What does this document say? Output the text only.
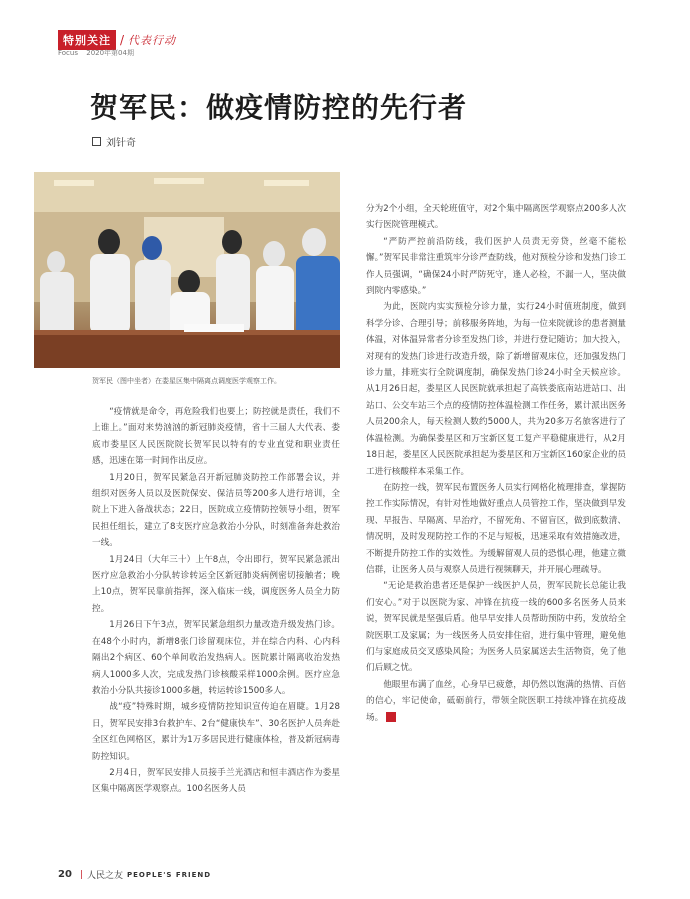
特别关注 / 代表行动
Focus 2020年第04期
贺军民：做疫情防控的先行者
刘针奇
贺军民（图中坐者）在娄星区集中隔离点调度医学观察工作。

“疫情就是命令，再危险我们也要上；防控就是责任，我们不上谁上。”面对来势汹汹的新冠肺炎疫情，省十三届人大代表、娄底市娄星区人民医院院长贺军民以特有的专业直觉和职业责任感，迅速在第一时间作出反应。

1月20日，贺军民紧急召开新冠肺炎防控工作部署会议，并组织对医务人员以及医院保安、保洁员等200多人进行培训，全院上下进入备战状态；22日，医院成立疫情防控领导小组，贺军民担任组长，建立了8支医疗应急救治小分队，时刻准备奔赴救治一线。

1月24日（大年三十）上午8点，令出即行，贺军民紧急派出医疗应急救治小分队转诊转运全区新冠肺炎病例密切接触者；晚上10点，贺军民靠前指挥，深入临床一线，调度医务人员全力防控。

1月26日下午3点，贺军民紧急组织力量改造升级发热门诊。在48个小时内，新增8张门诊留观床位，并在综合内科、心内科隔出2个病区、60个单间收治发热病人。医院累计隔离收治发热病人1000多人次，完成发热门诊核酸采样1000余例。医疗应急救治小分队共接诊1000多趟，转运转诊1500多人。

战“疫”特殊时期，城乡疫情防控知识宣传迫在眉睫。1月28日，贺军民安排3台救护车、2台“健康快车”、30名医护人员奔赴全区红色网格区，累计为1万多居民进行健康体检，普及新冠病毒防控知识。

2月4日，贺军民安排人员接手兰光酒店和恒丰酒店作为娄星区集中隔离医学观察点。100名医务人员

分为2个小组，全天轮班值守，对2个集中隔离医学观察点200多人次实行医院管理模式。

“严防严控前沿防线，我们医护人员责无旁贷，丝毫不能松懈。”贺军民非常注重筑牢分诊严查防线，他对预检分诊和发热门诊工作人员强调，“确保24小时严防死守，逢人必检，不漏一人，坚决做到院内零感染。”

为此，医院内实实预检分诊力量，实行24小时值班制度，做到科学分诊、合理引导；前移服务阵地，为每一位来院就诊的患者测量体温，对体温异常者分诊至发热门诊，并进行登记随访；加大投入，对现有的发热门诊进行改造升级，除了新增留观床位，还加强发热门诊力量，排班实行全院调度制，确保发热门诊24小时全天候应诊。从1月26日起，娄星区人民医院就承担起了高铁娄底南站进站口、出站口、公交车站三个点的疫情防控体温检测工作任务，累计派出医务人员200余人，每天检测人数约5000人，共为20多万名旅客进行了体温检测。为确保娄星区和万宝新区复工复产平稳健康进行，从2月18日起，娄星区人民医院承担起为娄星区和万宝新区160家企业的员工进行核酸样本采集工作。

在防控一线，贺军民布置医务人员实行网格化梳理排查，掌握防控工作实际情况，有针对性地做好重点人员管控工作，坚决做到早发现、早报告、早隔离、早治疗，不留死角、不留盲区，做到底数清、情况明，及时发现防控工作的不足与短板，迅速采取有效措施改进，不断提升防控工作的实效性。为缓解留观人员的恐惧心理，他建立微信群，让医务人员与观察人员进行视频聊天，并开展心理疏导。

“无论是救治患者还是保护一线医护人员，贺军民院长总能让我们安心。”对于以医院为家、冲锋在抗疫一线的600多名医务人员来说，贺军民就是坚强后盾。他早早安排人员帮助预防中药，发放给全院医职工及家属；为一线医务人员安排住宿，进行集中管理，避免他们与家庭成员交叉感染风险；为医务人员家属送去生活物资，免了他们后顾之忧。

他眼里布满了血丝，心身早已疲惫，却仍然以饱满的热情、百倍的信心，牢记使命，砥砺前行，带领全院医职工持续冲锋在抗疫战场。

20 | 人民之友 PEOPLE'S FRIEND
